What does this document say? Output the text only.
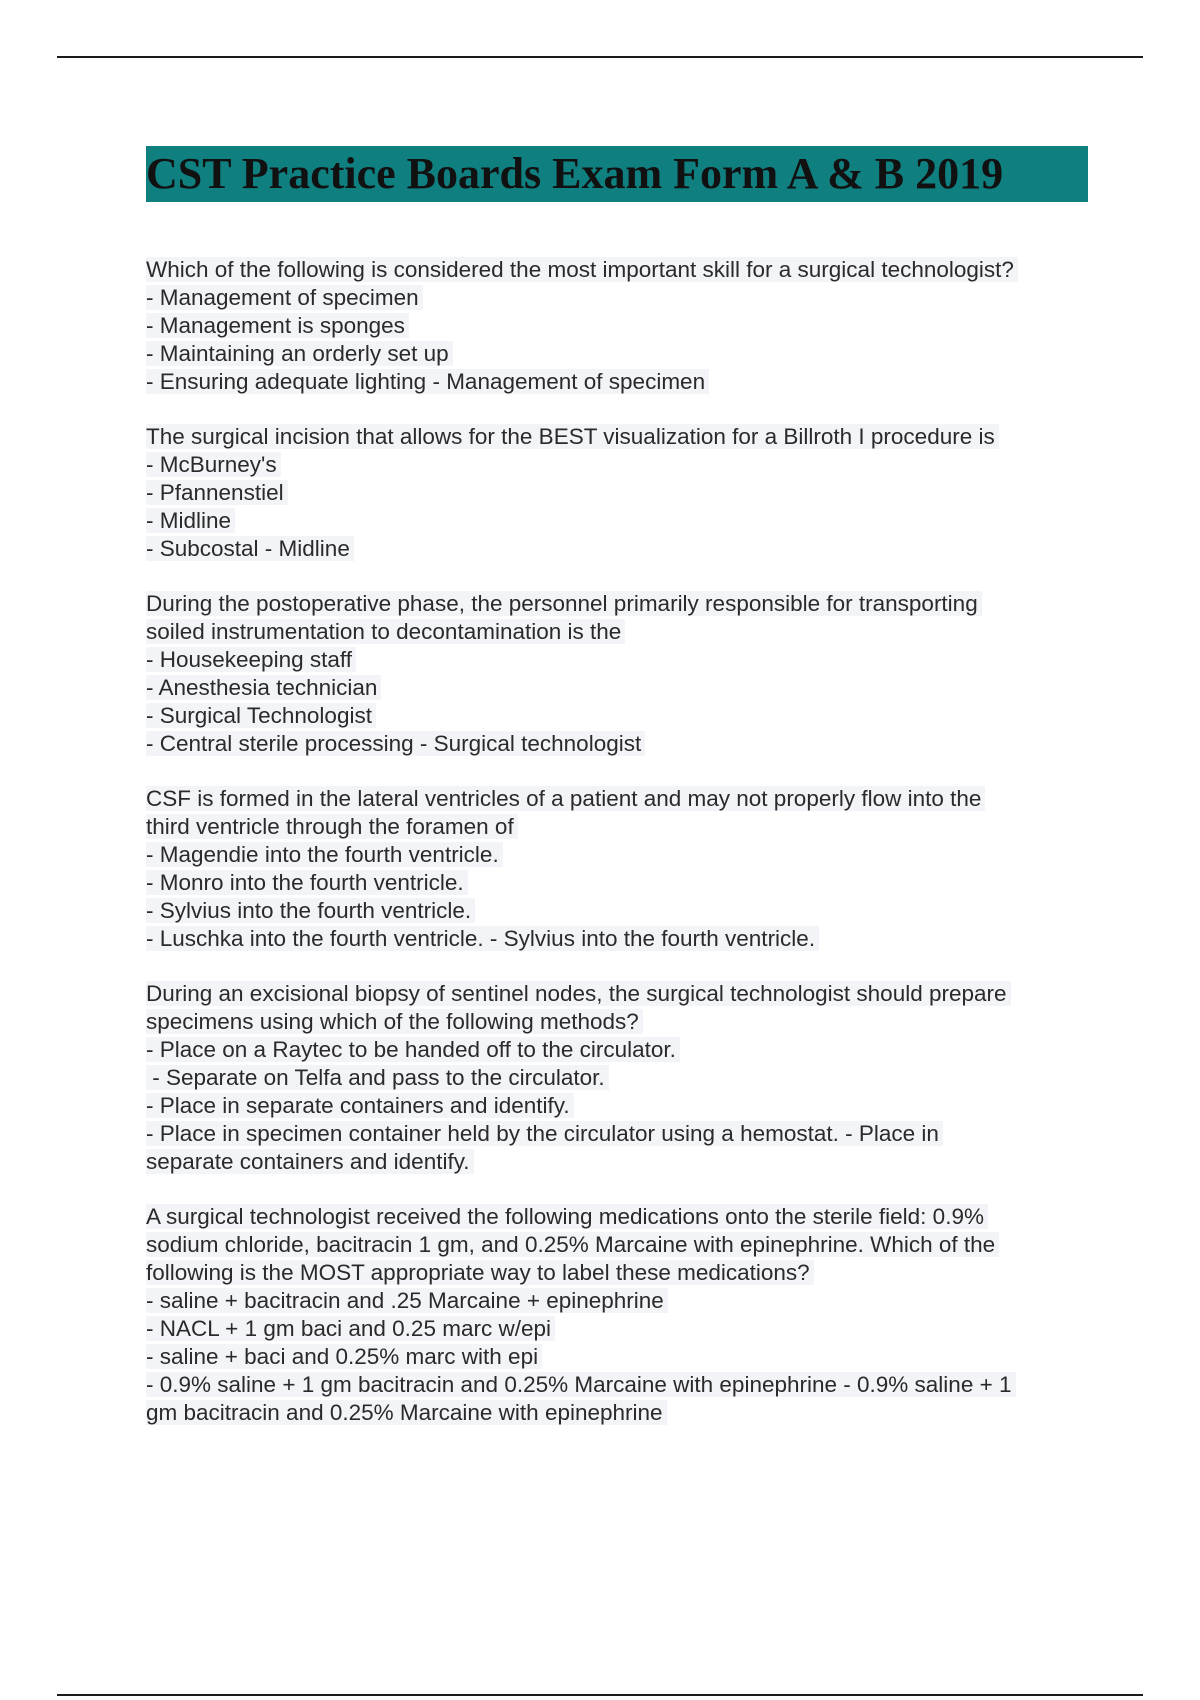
CST Practice Boards Exam Form A & B 2019
Which of the following is considered the most important skill for a surgical technologist?
- Management of specimen
- Management is sponges
- Maintaining an orderly set up
- Ensuring adequate lighting - Management of specimen
The surgical incision that allows for the BEST visualization for a Billroth I procedure is
- McBurney's
- Pfannenstiel
- Midline
- Subcostal - Midline
During the postoperative phase, the personnel primarily responsible for transporting
soiled instrumentation to decontamination is the
- Housekeeping staff
- Anesthesia technician
- Surgical Technologist
- Central sterile processing - Surgical technologist
CSF is formed in the lateral ventricles of a patient and may not properly flow into the
third ventricle through the foramen of
- Magendie into the fourth ventricle.
- Monro into the fourth ventricle.
- Sylvius into the fourth ventricle.
- Luschka into the fourth ventricle. - Sylvius into the fourth ventricle.
During an excisional biopsy of sentinel nodes, the surgical technologist should prepare
specimens using which of the following methods?
- Place on a Raytec to be handed off to the circulator.
- Separate on Telfa and pass to the circulator.
- Place in separate containers and identify.
- Place in specimen container held by the circulator using a hemostat. - Place in
separate containers and identify.
A surgical technologist received the following medications onto the sterile field: 0.9%
sodium chloride, bacitracin 1 gm, and 0.25% Marcaine with epinephrine. Which of the
following is the MOST appropriate way to label these medications?
- saline + bacitracin and .25 Marcaine + epinephrine
- NACL + 1 gm baci and 0.25 marc w/epi
- saline + baci and 0.25% marc with epi
- 0.9% saline + 1 gm bacitracin and 0.25% Marcaine with epinephrine - 0.9% saline + 1
gm bacitracin and 0.25% Marcaine with epinephrine
